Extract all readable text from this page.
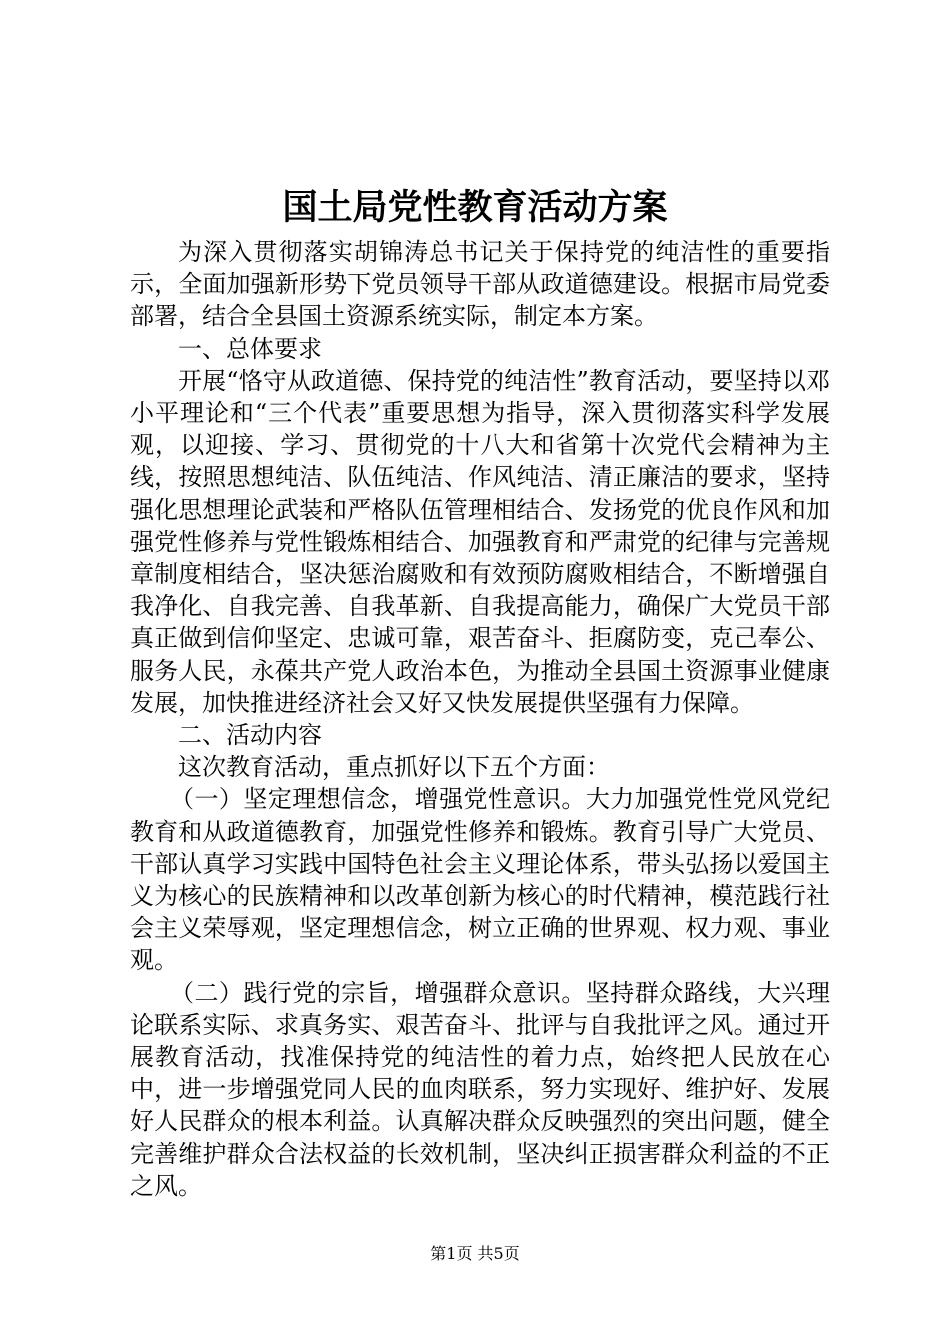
国土局党性教育活动方案

为深入贯彻落实胡锦涛总书记关于保持党的纯洁性的重要指示，全面加强新形势下党员领导干部从政道德建设。根据市局党委部署，结合全县国土资源系统实际，制定本方案。

一、总体要求

开展“恪守从政道德、保持党的纯洁性”教育活动，要坚持以邓小平理论和“三个代表”重要思想为指导，深入贯彻落实科学发展观，以迎接、学习、贯彻党的十八大和省第十次党代会精神为主线，按照思想纯洁、队伍纯洁、作风纯洁、清正廉洁的要求，坚持强化思想理论武装和严格队伍管理相结合、发扬党的优良作风和加强党性修养与党性锻炼相结合、加强教育和严肃党的纪律与完善规章制度相结合，坚决惩治腐败和有效预防腐败相结合，不断增强自我净化、自我完善、自我革新、自我提高能力，确保广大党员干部真正做到信仰坚定、忠诚可靠，艰苦奋斗、拒腐防变，克己奉公、服务人民，永葆共产党人政治本色，为推动全县国土资源事业健康发展，加快推进经济社会又好又快发展提供坚强有力保障。

二、活动内容

这次教育活动，重点抓好以下五个方面：

（一）坚定理想信念，增强党性意识。大力加强党性党风党纪教育和从政道德教育，加强党性修养和锻炼。教育引导广大党员、干部认真学习实践中国特色社会主义理论体系，带头弘扬以爱国主义为核心的民族精神和以改革创新为核心的时代精神，模范践行社会主义荣辱观，坚定理想信念，树立正确的世界观、权力观、事业观。

（二）践行党的宗旨，增强群众意识。坚持群众路线，大兴理论联系实际、求真务实、艰苦奋斗、批评与自我批评之风。通过开展教育活动，找准保持党的纯洁性的着力点，始终把人民放在心中，进一步增强党同人民的血肉联系，努力实现好、维护好、发展好人民群众的根本利益。认真解决群众反映强烈的突出问题，健全完善维护群众合法权益的长效机制，坚决纠正损害群众利益的不正之风。

第1页 共5页
